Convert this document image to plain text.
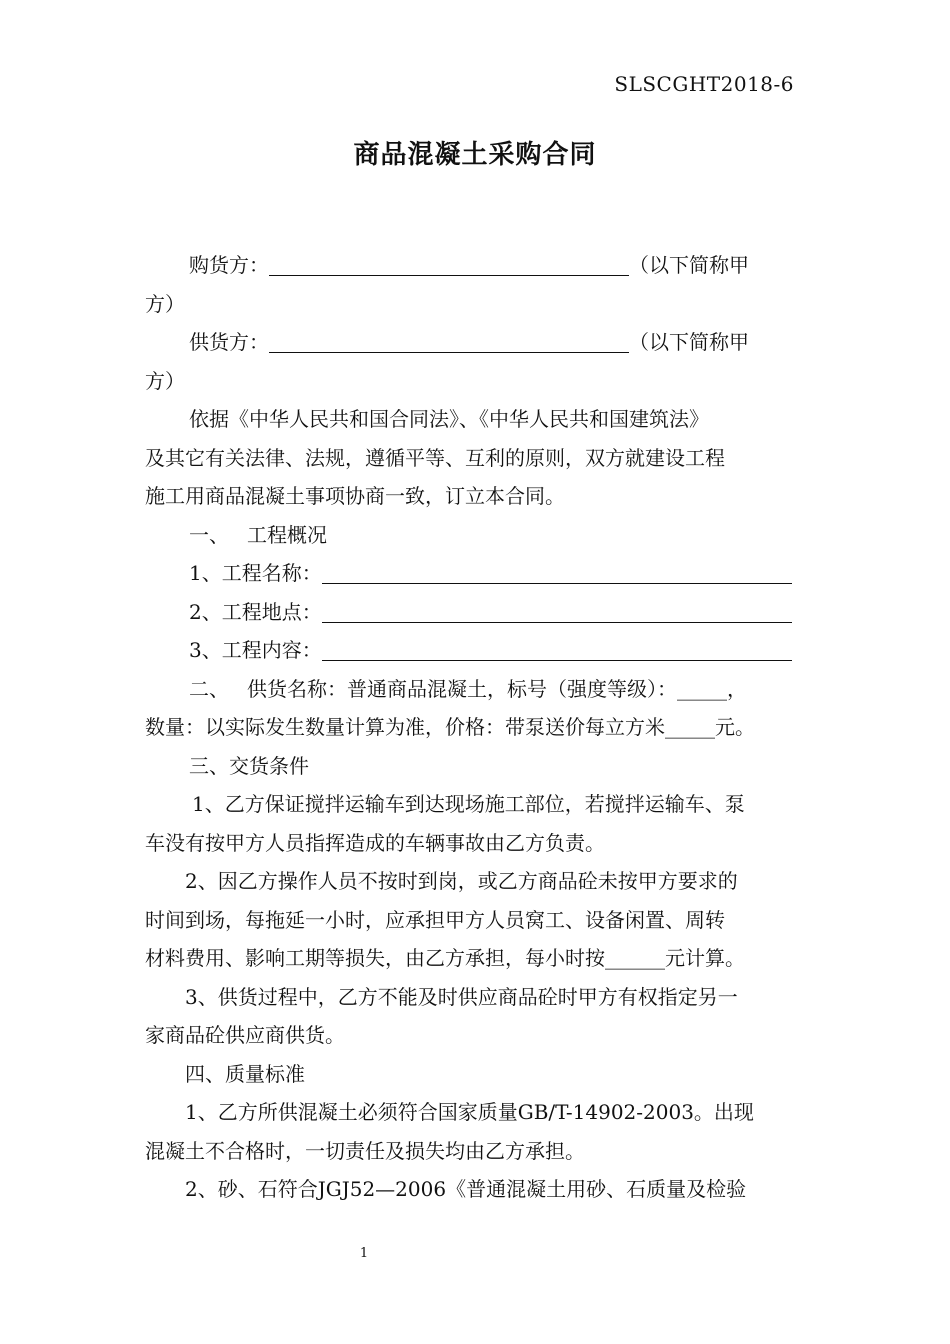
SLSCGHT2018-6
商品混凝土采购合同
购货方：	（以下简称甲
方）
供货方：	（以下简称甲
方）
依据《中华人民共和国合同法》、《中华人民共和国建筑法》
及其它有关法律、法规，遵循平等、互利的原则，双方就建设工程
施工用商品混凝土事项协商一致，订立本合同。
一、 工程概况
1、工程名称：
2、工程地点：
3、工程内容：
二、 供货名称：普通商品混凝土，标号（强度等级）：_____，
数量：以实际发生数量计算为准，价格：带泵送价每立方米_____元。
三、交货条件
1、乙方保证搅拌运输车到达现场施工部位，若搅拌运输车、泵
车没有按甲方人员指挥造成的车辆事故由乙方负责。
2、因乙方操作人员不按时到岗，或乙方商品砼未按甲方要求的
时间到场，每拖延一小时，应承担甲方人员窝工、设备闲置、周转
材料费用、影响工期等损失，由乙方承担，每小时按______元计算。
3、供货过程中，乙方不能及时供应商品砼时甲方有权指定另一
家商品砼供应商供货。
四、质量标准
1、乙方所供混凝土必须符合国家质量GB/T-14902-2003。出现
混凝土不合格时，一切责任及损失均由乙方承担。
2、砂、石符合JGJ52—2006《普通混凝土用砂、石质量及检验
1
